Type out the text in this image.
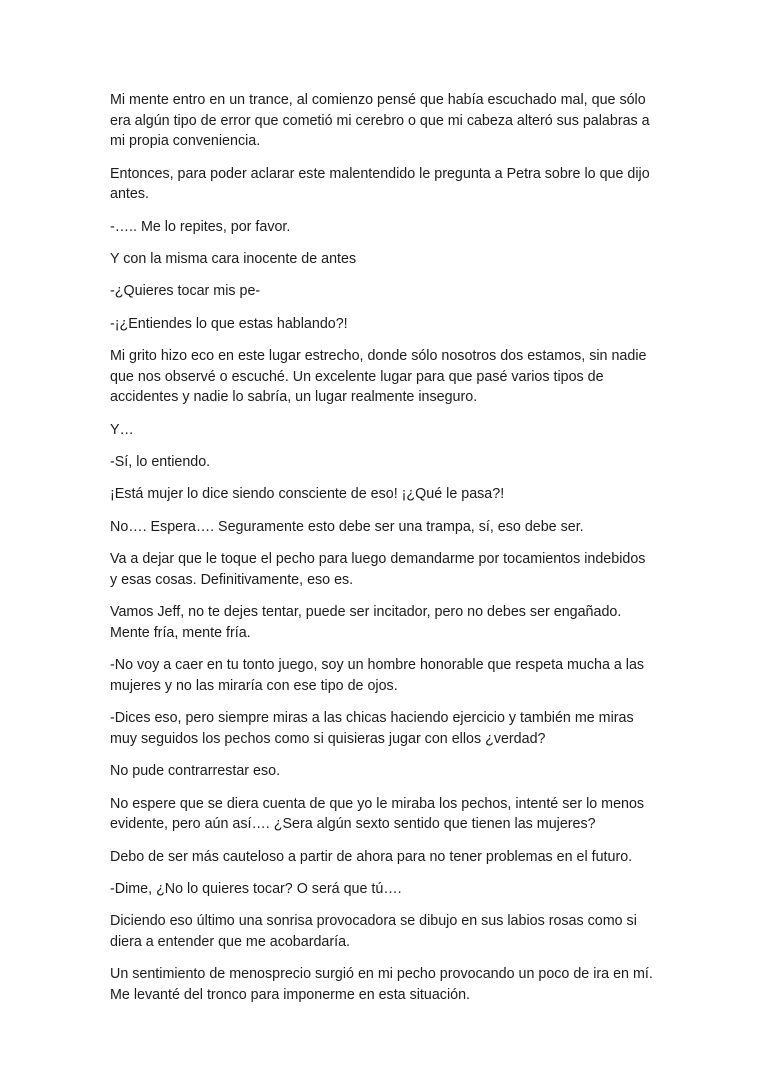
Mi mente entro en un trance, al comienzo pensé que había escuchado mal, que sólo era algún tipo de error que cometió mi cerebro o que mi cabeza alteró sus palabras a mi propia conveniencia.

Entonces, para poder aclarar este malentendido le pregunta a Petra sobre lo que dijo antes.

-….. Me lo repites, por favor.

Y con la misma cara inocente de antes

-¿Quieres tocar mis pe-

-¡¿Entiendes lo que estas hablando?!

Mi grito hizo eco en este lugar estrecho, donde sólo nosotros dos estamos, sin nadie que nos observé o escuché. Un excelente lugar para que pasé varios tipos de accidentes y nadie lo sabría, un lugar realmente inseguro.

Y…

-Sí, lo entiendo.

¡Está mujer lo dice siendo consciente de eso! ¡¿Qué le pasa?!

No…. Espera…. Seguramente esto debe ser una trampa, sí, eso debe ser.

Va a dejar que le toque el pecho para luego demandarme por tocamientos indebidos y esas cosas. Definitivamente, eso es.

Vamos Jeff, no te dejes tentar, puede ser incitador, pero no debes ser engañado. Mente fría, mente fría.

-No voy a caer en tu tonto juego, soy un hombre honorable que respeta mucha a las mujeres y no las miraría con ese tipo de ojos.

-Dices eso, pero siempre miras a las chicas haciendo ejercicio y también me miras muy seguidos los pechos como si quisieras jugar con ellos ¿verdad?

No pude contrarrestar eso.

No espere que se diera cuenta de que yo le miraba los pechos, intenté ser lo menos evidente, pero aún así…. ¿Sera algún sexto sentido que tienen las mujeres?

Debo de ser más cauteloso a partir de ahora para no tener problemas en el futuro.

-Dime, ¿No lo quieres tocar? O será que tú….

Diciendo eso último una sonrisa provocadora se dibujo en sus labios rosas como si diera a entender que me acobardaría.

Un sentimiento de menosprecio surgió en mi pecho provocando un poco de ira en mí. Me levanté del tronco para imponerme en esta situación.
